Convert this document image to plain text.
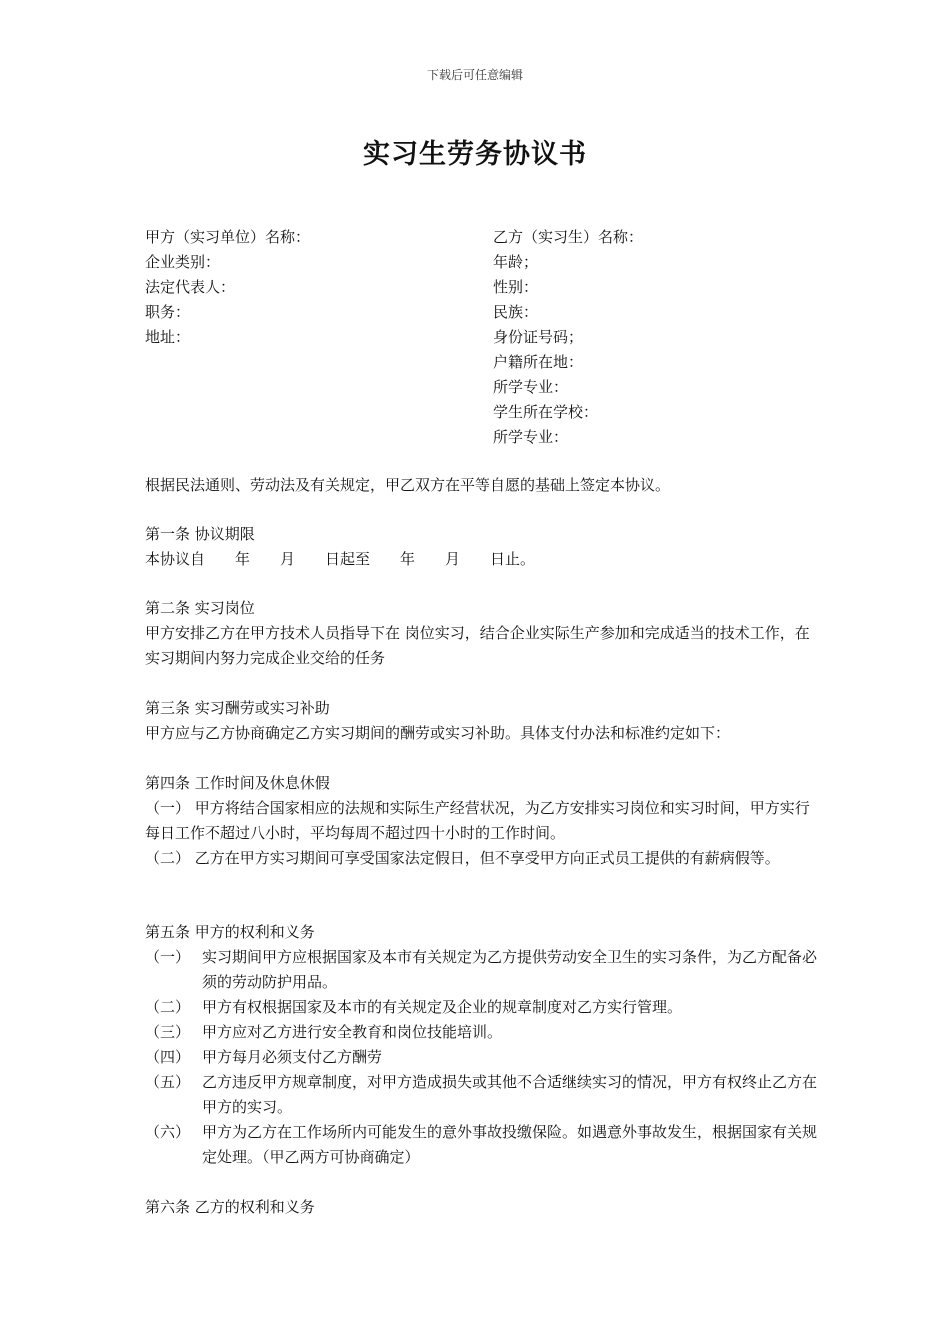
下载后可任意编辑
实习生劳务协议书
甲方（实习单位）名称：
企业类别：
法定代表人：
职务：
地址：
乙方（实习生）名称：
年龄；
性别：
民族：
身份证号码；
户籍所在地：
所学专业：
学生所在学校：
所学专业：
根据民法通则、劳动法及有关规定，甲乙双方在平等自愿的基础上签定本协议。
第一条 协议期限
本协议自　　年　　月　　日起至　　年　　月　　日止。
第二条 实习岗位
甲方安排乙方在甲方技术人员指导下在 岗位实习，结合企业实际生产参加和完成适当的技术工作，在实习期间内努力完成企业交给的任务
第三条 实习酬劳或实习补助
甲方应与乙方协商确定乙方实习期间的酬劳或实习补助。具体支付办法和标准约定如下：
第四条 工作时间及休息休假
（一） 甲方将结合国家相应的法规和实际生产经营状况，为乙方安排实习岗位和实习时间，甲方实行每日工作不超过八小时，平均每周不超过四十小时的工作时间。
（二） 乙方在甲方实习期间可享受国家法定假日，但不享受甲方向正式员工提供的有薪病假等。
第五条 甲方的权利和义务
（一） 实习期间甲方应根据国家及本市有关规定为乙方提供劳动安全卫生的实习条件，为乙方配备必须的劳动防护用品。
（二） 甲方有权根据国家及本市的有关规定及企业的规章制度对乙方实行管理。
（三） 甲方应对乙方进行安全教育和岗位技能培训。
（四） 甲方每月必须支付乙方酬劳
（五） 乙方违反甲方规章制度，对甲方造成损失或其他不合适继续实习的情况，甲方有权终止乙方在甲方的实习。
（六） 甲方为乙方在工作场所内可能发生的意外事故投缴保险。如遇意外事故发生，根据国家有关规定处理。（甲乙两方可协商确定）
第六条 乙方的权利和义务
